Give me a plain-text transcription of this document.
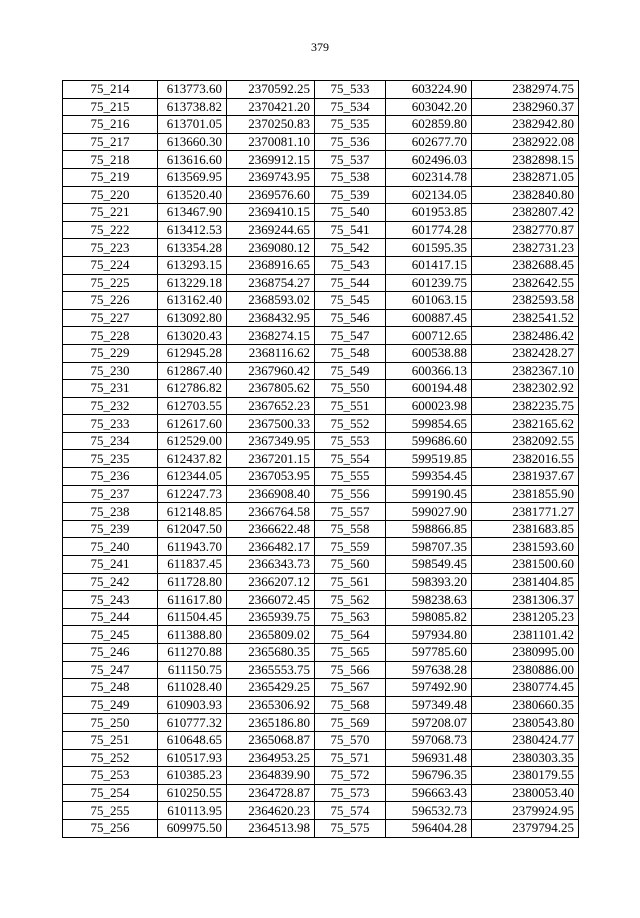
379
75_214	613773.60	2370592.25	75_533	603224.90	2382974.75
75_215	613738.82	2370421.20	75_534	603042.20	2382960.37
75_216	613701.05	2370250.83	75_535	602859.80	2382942.80
75_217	613660.30	2370081.10	75_536	602677.70	2382922.08
75_218	613616.60	2369912.15	75_537	602496.03	2382898.15
75_219	613569.95	2369743.95	75_538	602314.78	2382871.05
75_220	613520.40	2369576.60	75_539	602134.05	2382840.80
75_221	613467.90	2369410.15	75_540	601953.85	2382807.42
75_222	613412.53	2369244.65	75_541	601774.28	2382770.87
75_223	613354.28	2369080.12	75_542	601595.35	2382731.23
75_224	613293.15	2368916.65	75_543	601417.15	2382688.45
75_225	613229.18	2368754.27	75_544	601239.75	2382642.55
75_226	613162.40	2368593.02	75_545	601063.15	2382593.58
75_227	613092.80	2368432.95	75_546	600887.45	2382541.52
75_228	613020.43	2368274.15	75_547	600712.65	2382486.42
75_229	612945.28	2368116.62	75_548	600538.88	2382428.27
75_230	612867.40	2367960.42	75_549	600366.13	2382367.10
75_231	612786.82	2367805.62	75_550	600194.48	2382302.92
75_232	612703.55	2367652.23	75_551	600023.98	2382235.75
75_233	612617.60	2367500.33	75_552	599854.65	2382165.62
75_234	612529.00	2367349.95	75_553	599686.60	2382092.55
75_235	612437.82	2367201.15	75_554	599519.85	2382016.55
75_236	612344.05	2367053.95	75_555	599354.45	2381937.67
75_237	612247.73	2366908.40	75_556	599190.45	2381855.90
75_238	612148.85	2366764.58	75_557	599027.90	2381771.27
75_239	612047.50	2366622.48	75_558	598866.85	2381683.85
75_240	611943.70	2366482.17	75_559	598707.35	2381593.60
75_241	611837.45	2366343.73	75_560	598549.45	2381500.60
75_242	611728.80	2366207.12	75_561	598393.20	2381404.85
75_243	611617.80	2366072.45	75_562	598238.63	2381306.37
75_244	611504.45	2365939.75	75_563	598085.82	2381205.23
75_245	611388.80	2365809.02	75_564	597934.80	2381101.42
75_246	611270.88	2365680.35	75_565	597785.60	2380995.00
75_247	611150.75	2365553.75	75_566	597638.28	2380886.00
75_248	611028.40	2365429.25	75_567	597492.90	2380774.45
75_249	610903.93	2365306.92	75_568	597349.48	2380660.35
75_250	610777.32	2365186.80	75_569	597208.07	2380543.80
75_251	610648.65	2365068.87	75_570	597068.73	2380424.77
75_252	610517.93	2364953.25	75_571	596931.48	2380303.35
75_253	610385.23	2364839.90	75_572	596796.35	2380179.55
75_254	610250.55	2364728.87	75_573	596663.43	2380053.40
75_255	610113.95	2364620.23	75_574	596532.73	2379924.95
75_256	609975.50	2364513.98	75_575	596404.28	2379794.25
